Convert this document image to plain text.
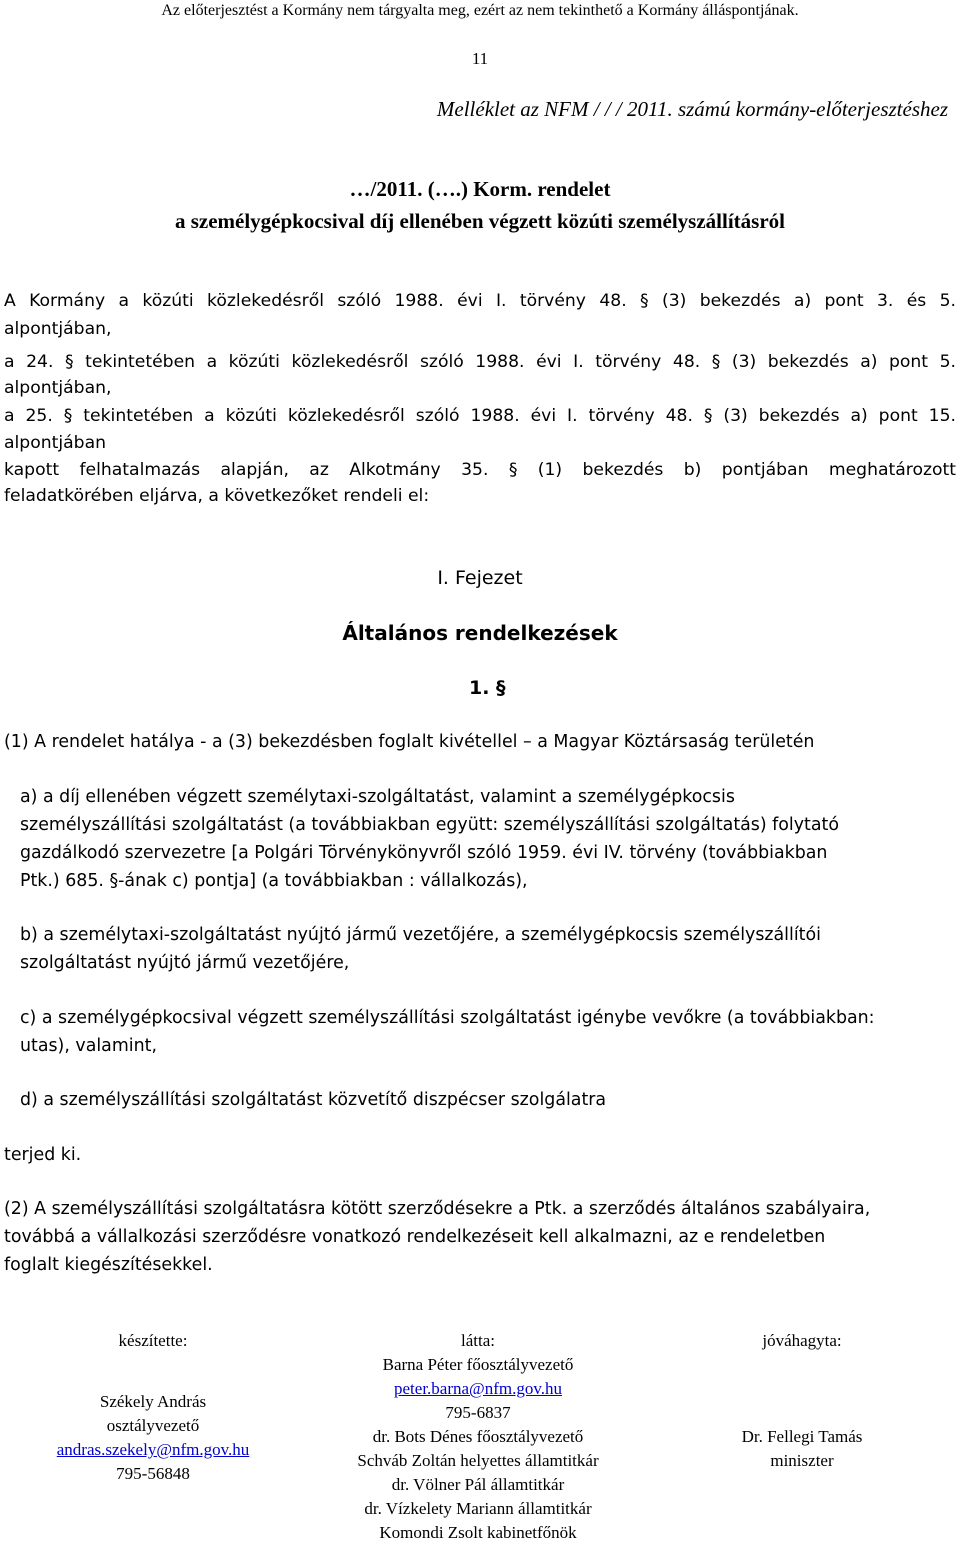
Az előterjesztést a Kormány nem tárgyalta meg, ezért az nem tekinthető a Kormány álláspontjának.
11
Melléklet az NFM / / / 2011. számú kormány-előterjesztéshez
…/2011. (….) Korm. rendelet
a személygépkocsival díj ellenében végzett közúti személyszállításról
A Kormány a közúti közlekedésről szóló 1988. évi I. törvény 48. § (3) bekezdés a) pont 3. és 5.
alpontjában,
a 24. § tekintetében a közúti közlekedésről szóló 1988. évi I. törvény 48. § (3) bekezdés a) pont 5.
alpontjában,
a 25. § tekintetében a közúti közlekedésről szóló 1988. évi I. törvény 48. § (3) bekezdés a) pont 15.
alpontjában
kapott felhatalmazás alapján, az Alkotmány 35. § (1) bekezdés b) pontjában meghatározott
feladatkörében eljárva, a következőket rendeli el:
I. Fejezet
Általános rendelkezések
1. §
(1) A rendelet hatálya - a (3) bekezdésben foglalt kivétellel – a Magyar Köztársaság területén
a) a díj ellenében végzett személytaxi-szolgáltatást, valamint a személygépkocsis
személyszállítási szolgáltatást (a továbbiakban együtt: személyszállítási szolgáltatás) folytató
gazdálkodó szervezetre [a Polgári Törvénykönyvről szóló 1959. évi IV. törvény (továbbiakban
Ptk.) 685. §-ának c) pontja] (a továbbiakban : vállalkozás),
b) a személytaxi-szolgáltatást nyújtó jármű vezetőjére, a személygépkocsis személyszállítói
szolgáltatást nyújtó jármű vezetőjére,
c) a személygépkocsival végzett személyszállítási szolgáltatást igénybe vevőkre (a továbbiakban:
utas), valamint,
d) a személyszállítási szolgáltatást közvetítő diszpécser szolgálatra
terjed ki.
(2) A személyszállítási szolgáltatásra kötött szerződésekre a Ptk. a szerződés általános szabályaira,
továbbá a vállalkozási szerződésre vonatkozó rendelkezéseit kell alkalmazni, az e rendeletben
foglalt kiegészítésekkel.
készítette:
Székely András
osztályvezető
andras.szekely@nfm.gov.hu
795-56848
látta:
Barna Péter főosztályvezető
peter.barna@nfm.gov.hu
795-6837
dr. Bots Dénes főosztályvezető
Schváb Zoltán helyettes államtitkár
dr. Völner Pál államtitkár
dr. Vízkelety Mariann államtitkár
Komondi Zsolt kabinetfőnök
jóváhagyta:
Dr. Fellegi Tamás
miniszter
